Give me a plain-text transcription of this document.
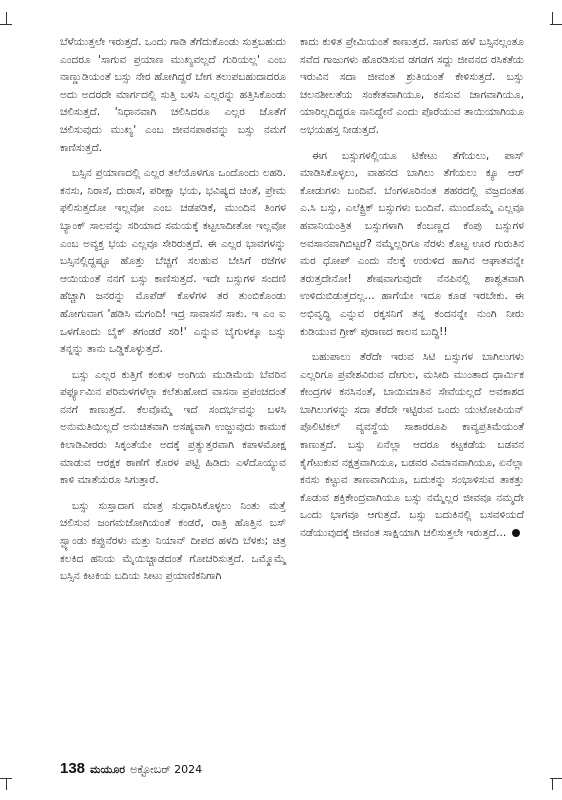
ಬೆಳೆಯುತ್ತಲೇ ಇರುತ್ತದೆ. ಒಂದು ಗಾಡಿ ತೆಗೆದುಕೊಂಡು ಸುತ್ತಬಹುದು ಎಂದರೂ 'ಸಾಗುವ ಪ್ರಯಾಣ ಮುಖ್ಯವಲ್ಲದೆ ಗುರಿಯಲ್ಲ' ಎಂಬ ನಾಣ್ಣುಡಿಯಂತೆ ಬಸ್ಸು ನೇರ ಹೋಗಿದ್ದರೆ ಬೇಗ ತಲುಪಬಹುದಾದರೂ ಅದು ಅದರದೇ ಮಾರ್ಗದಲ್ಲಿ ಸುತ್ತಿ ಬಳಸಿ ಎಲ್ಲರನ್ನು ಹತ್ತಿಸಿಕೊಂಡು ಚಲಿಸುತ್ತದೆ. 'ನಿಧಾನವಾಗಿ ಚಲಿಸಿದರೂ ಎಲ್ಲರ ಜೊತೆಗೆ ಚಲಿಸುವುದು ಮುಖ್ಯ' ಎಂಬ ಜೀವನಪಾಠವನ್ನು ಬಸ್ಸು ನಮಗೆ ಕಾಣಿಸುತ್ತದೆ.

ಬಸ್ಸಿನ ಪ್ರಯಾಣದಲ್ಲಿ ಎಲ್ಲರ ತಲೆಯೊಳಗೂ ಒಂದೊಂದು ಲಹರಿ. ಕನಸು, ನಿರಾಸೆ, ದುರಾಸೆ, ಪರೀಕ್ಷಾ ಭಯ, ಭವಿಷ್ಯದ ಚಿಂತೆ, ಪ್ರೇಮ ಫಲಿಸುತ್ತದೋ ಇಲ್ಲವೋ ಎಂಬ ಚಡಪಡಿಕೆ, ಮುಂದಿನ ತಿಂಗಳ ಬ್ಯಾಂಕ್ ಸಾಲವನ್ನು ಸರಿಯಾದ ಸಮಯಕ್ಕೆ ಕಟ್ಟಲಾದೀತೋ ಇಲ್ಲವೋ ಎಂಬ ಅವ್ಯಕ್ತ ಭಯ ಎಲ್ಲವೂ ಸೇರಿರುತ್ತದೆ. ಈ ಎಲ್ಲರ ಭಾವಗಳನ್ನು ಬಸ್ಸಿನಲ್ಲಿದ್ದಷ್ಟೂ ಹೊತ್ತು ಬೆಚ್ಚಗೆ ಸಲಹುವ ಬೇಸಿಗೆ ರಜೆಗಳ ಆಯಿಯಂತೆ ನನಗೆ ಬಸ್ಸು ಕಾಣಿಸುತ್ತದೆ. ಇದೇ ಬಸ್ಸುಗಳ ಸಂದಣಿ ಹೆಚ್ಚಾಗಿ ಜನರನ್ನು ಮೊಪೆಡ್ ಕೊಳೆಗಳ ತರ ತುಂಬಿಕೊಂಡು ಹೋಗುವಾಗ 'ಹಡಿಸಿ ಮಗಂದಿ! ಇದ್ರ ಸಾವಾಸನೆ ಸಾಕು. ಇ ಎಂ ಐ ಒಳಗೊಂದು ಬೈಕ್ ತಗಂಡರೆ ಸರಿ!' ಎನ್ನುವ ಬೈಗುಳಕ್ಕೂ ಬಸ್ಸು ತನ್ನನ್ನು ತಾನು ಒಡ್ಡಿಕೊಳ್ಳುತ್ತದೆ.

ಬಸ್ಸು ಎಲ್ಲರ ಕುತ್ತಿಗೆ ಕಂಕುಳ ಅಂಗಿಯ ಮುಡಿಮೆಯ ಬೆವರಿನ ಪರ್ಫ್ಯೂಮಿನ ಪರಿಮಳಗಳೆಲ್ಲಾ ಕಲೆತುಹೋದ ವಾಸನಾ ಪ್ರಪಂಚದಂತೆ ನನಗೆ ಕಾಣುತ್ತದೆ. ಕೆಲವೊಮ್ಮೆ ಇದೆ ಸಂದರ್ಭವನ್ನು ಬಳಸಿ ಅನುಮತಿಯಿಲ್ಲದೆ ಅನುಚಿತವಾಗಿ ಅಸಹ್ಯವಾಗಿ ಉಜ್ಜುವುದು ಕಾಮುಕ ಕಿಲಾಡಿವೀರರು ಸಿಕ್ಕಂತೆಯೇ ಅದಕ್ಕೆ ಪ್ರತ್ಯುತ್ತರವಾಗಿ ಕಪಾಳಮೋಕ್ಷ ಮಾಡುವ ಆರಕ್ಷಕ ಠಾಣೆಗೆ ಕೊರಳ ಪಟ್ಟಿ ಹಿಡಿದು ಎಳೆದೊಯ್ಯುವ ಕಾಳಿ ಮಾತೆಯರೂ ಸಿಗುತ್ತಾರೆ.

ಬಸ್ಸು ಸುಸ್ತಾದಾಗ ಮಾತ್ರ ಸುಧಾರಿಸಿಕೊಳ್ಳಲು ನಿಂತು ಮತ್ತೆ ಚಲಿಸುವ ಜಂಗಮಜೋಗಿಯಂತೆ ಕಂಡರೆ, ರಾತ್ರಿ ಹೊತ್ತಿನ ಬಸ್ ಸ್ಟ್ಯಾಂಡು ಕಪ್ಪುನೆರಳು ಮತ್ತು ನಿಯಾನ್ ದೀಪದ ಹಳದಿ ಬೆಳಕು; ಚಿತ್ರ ಕಲಕಿದ ಹನಿಯ ಮೈಯಿಚ್ಚಾಡದಂತೆ ಗೋಚರಿಸುತ್ತದೆ. ಒಮ್ಮೊಮ್ಮೆ ಬಸ್ಸಿನ ಕಿಟಕಿಯ ಬದಿಯ ಸೀಟು ಪ್ರಯಾಣಿಕನಿಗಾಗಿ

ಕಾದು ಕುಳಿತ ಪ್ರೇಮಿಯಂತೆ ಕಾಣುತ್ತದೆ. ಸಾಗುವ ಹಳೆ ಬಸ್ಸಿನಲ್ಲಂತೂ ಸವೆದ ಗಾಜುಗಳು ಹೊರಡಿಸುವ ಡಗಡಗ ಸದ್ದು ಜೀವನದ ರಸಿಕತೆಯ ಇರುವಿನ ಸದಾ ಜೀವಂತ ಶ್ರುತಿಯಂತೆ ಕೇಳಿಸುತ್ತದೆ. ಬಸ್ಸು ಚಲನಶೀಲತೆಯ ಸಂಕೇತವಾಗಿಯೂ, ಕನಸುವ ಜಾಗವಾಗಿಯೂ, ಯಾರಿಲ್ಲದಿದ್ದರೂ ನಾನಿದ್ದೇನೆ ಎಂದು ಪೊರೆಯುವ ತಾಯಿಯಾಗಿಯೂ ಅಭಯಹಸ್ತ ನೀಡುತ್ತದೆ.

ಈಗ ಬಸ್ಸುಗಳಲ್ಲಿಯೂ ಟಿಕೇಟು ತೆಗೆಯಲು, ಪಾಸ್ ಮಾಡಿಸಿಕೊಳ್ಳಲು, ವಾಹನದ ಬಾಗಿಲು ತೆಗೆಯಲು ಕ್ಯೂ ಆರ್ ಕೋಡುಗಳು ಬಂದಿವೆ. ಬೆಂಗಳೂರಿನಂತ ಶಹರದಲ್ಲಿ ವಜ್ರದಂತಹ ಎ.ಸಿ ಬಸ್ಸು, ಎಲೆಕ್ಟ್ರಿಕ್ ಬಸ್ಸುಗಳು ಬಂದಿವೆ. ಮುಂದೊಮ್ಮೆ ಎಲ್ಲವೂ ಹವಾನಿಯಂತ್ರಿತ ಬಸ್ಸುಗಳಾಗಿ ಕೆಂಬಣ್ಣದ ಕೆಂಪು ಬಸ್ಸುಗಳ ಅವಸಾನವಾಗಿಬಿಟ್ಟರೆ? ನಮ್ಮೆಲ್ಲರಿಗೂ ನೆರಳು ಕೊಟ್ಟ ಊರ ಗುರುತಿನ ಮರ ಧೋಪ್ ಎಂದು ನೆಲಕ್ಕೆ ಉರುಳಿದ ಹಾಗಿನ ಆಘಾತವನ್ನೇ ತರುತ್ತದೇನೋ! ಶೇಷವಾಗುವುದೇ ನೆನಪಿನಲ್ಲಿ ಶಾಶ್ವತವಾಗಿ ಉಳಿದುಬಿಡುತ್ತದಲ್ಲ... ಹಾಗೆಯೇ ಇದೂ ಕೂಡ ಇರಬೇಕು. ಈ ಅಭಿವೃದ್ಧಿ ಎನ್ನುವ ರಕ್ಕಸನಿಗೆ ತನ್ನ ಕಂದನನ್ನೇ ನುಂಗಿ ನೀರು ಕುಡಿಯುವ ಗ್ರೀಕ್ ಪುರಾಣದ ಕಾಲನ ಬುದ್ಧಿ!!

ಬಹುಪಾಲು ತೆರೆದೇ ಇರುವ ಸಿಟಿ ಬಸ್ಸುಗಳ ಬಾಗಿಲುಗಳು ಎಲ್ಲರಿಗೂ ಪ್ರವೇಶವಿರುವ ದೇಗುಲ, ಮಸೀದಿ ಮುಂತಾದ ಧಾರ್ಮಿಕ ಕೇಂದ್ರಗಳ ಕನಸಿನಂತೆ, ಬಾಯಿಮಾತಿನ ಸೇವೆಯಲ್ಲದೆ ಅವಕಾಶದ ಬಾಗಿಲುಗಳನ್ನು ಸದಾ ತೆರೆದೇ ಇಟ್ಟಿರುವ ಒಂದು ಯುಟೋಪಿಯನ್ ಪೊಲಿಟಿಕಲ್ ವ್ಯವಸ್ಥೆಯ ಸಾಕಾರರೂಪಿ ಕಾವ್ಯಪ್ರತಿಮೆಯಂತೆ ಕಾಣುತ್ತದೆ. ಬಸ್ಸು ಏನೆಲ್ಲಾ ಆದರೂ ಕಟ್ಟಕಡೆಯ ಬಡವನ ಕೈಗೆಟುಕುವ ನಕ್ಷತ್ರವಾಗಿಯೂ, ಬಡವರ ವಿಮಾನವಾಗಿಯೂ, ಏನೆಲ್ಲಾ ಕನಸು ಕಟ್ಟುವ ತಾಣವಾಗಿಯೂ, ಬದುಕನ್ನು ಸಂಭಾಳಿಸುವ ತಾಕತ್ತು ಕೊಡುವ ಶಕ್ತಿಕೇಂದ್ರವಾಗಿಯೂ ಬಸ್ಸು ನಮ್ಮೆಲ್ಲರ ಜೀವವೂ ನಮ್ಮದೇ ಒಂದು ಭಾಗವೂ ಆಗುತ್ತದೆ. ಬಸ್ಸು ಬದುಕಿನಲ್ಲಿ ಬಸವಳಿಯದೆ ನಡೆಯುವುದಕ್ಕೆ ಜೀವಂತ ಸಾಕ್ಷಿಯಾಗಿ ಚಲಿಸುತ್ತಲೇ ಇರುತ್ತದೆ...

138 ಮಯೂರ ಅಕ್ಟೋಬರ್ 2024
